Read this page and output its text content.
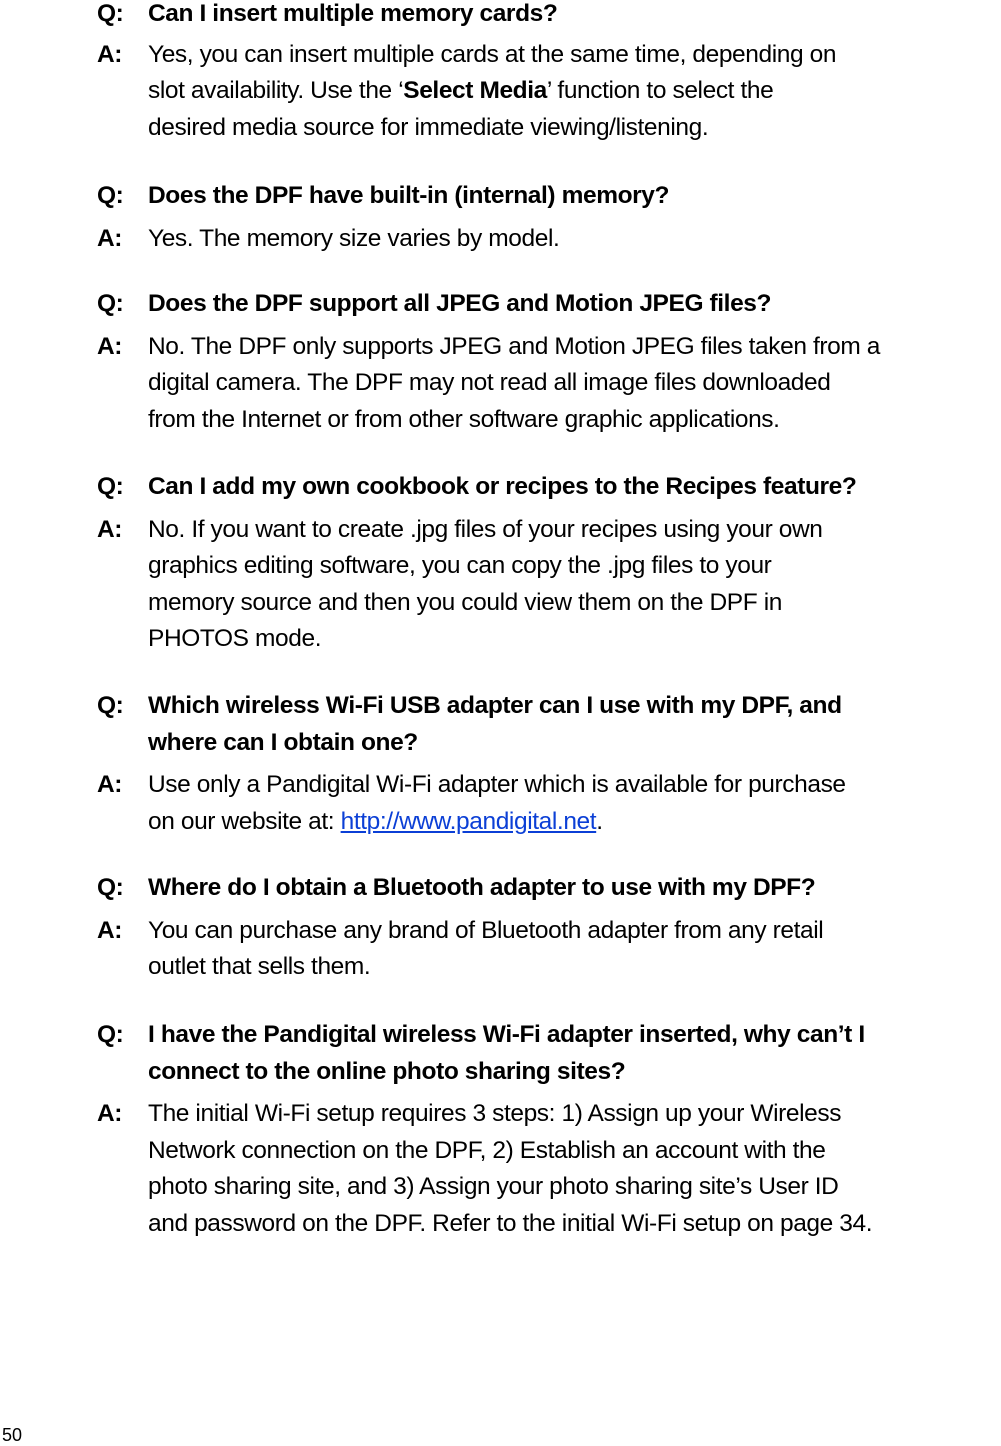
Q:	Can I insert multiple memory cards?
A:	Yes, you can insert multiple cards at the same time, depending on
slot availability. Use the ‘Select Media’ function to select the
desired media source for immediate viewing/listening.
Q:	Does the DPF have built-in (internal) memory?
A:	Yes. The memory size varies by model.
Q:	Does the DPF support all JPEG and Motion JPEG files?
A:	No. The DPF only supports JPEG and Motion JPEG files taken from a
digital camera. The DPF may not read all image files downloaded
from the Internet or from other software graphic applications.
Q:	Can I add my own cookbook or recipes to the Recipes feature?
A:	No. If you want to create .jpg files of your recipes using your own
graphics editing software, you can copy the .jpg files to your
memory source and then you could view them on the DPF in
PHOTOS mode.
Q:	Which wireless Wi-Fi USB adapter can I use with my DPF, and
where can I obtain one?
A:	Use only a Pandigital Wi-Fi adapter which is available for purchase
on our website at: http://www.pandigital.net.
Q:	Where do I obtain a Bluetooth adapter to use with my DPF?
A:	You can purchase any brand of Bluetooth adapter from any retail
outlet that sells them.
Q:	I have the Pandigital wireless Wi-Fi adapter inserted, why can’t I
connect to the online photo sharing sites?
A:	The initial Wi-Fi setup requires 3 steps: 1) Assign up your Wireless
Network connection on the DPF, 2) Establish an account with the
photo sharing site, and 3) Assign your photo sharing site’s User ID
and password on the DPF. Refer to the initial Wi-Fi setup on page 34.
50
